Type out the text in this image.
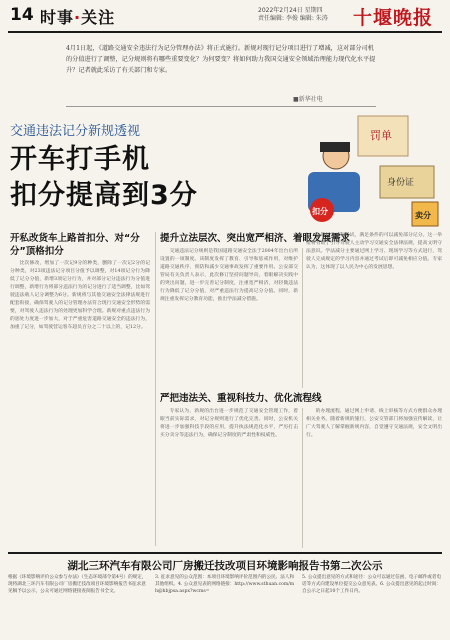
14 时事·关注	2022年2月24日 星期四
责任编辑: 李俊 编辑: 朱涛 十堰晚报
4月1日起，《道路交通安全违法行为记分管理办法》将正式施行。新规对现行记分项目进行了增减，这对部分司机的分值进行了调整，记分规则将有哪些重要变化？为何要变？将如何助力我国交通安全领域治理能力现代化水平提升？记者就此采访了有关部门和专家。
■新华社电
罚单
身份证
扣分	卖分
交通违法记分新规透视
开车打手机
扣分提高到3分
开私改货车上路首扣分、对“分分”顶格扣分

比次修改，增加了一次记9分的种类，删除了一次记2分的记分种类，对23项违法记分项目分值予以调整，对14项记分行为降低了记分分值，新增3项记分行为，并对部分记分违法行为分值进行调整，新增行为将部分违法行为的记分进行了适当调整，比如驾驶违法载人记分调整为6分。新规将与其他交通安全法律法规进行配套衔接，确保驾驶人的记分管理办法符合现行交通安全形势的需要，对驾驶人违法行为的处理更加科学合理。新规对重点违法行为的惩处力度进一步加大，对于严重危害道路交通安全的违法行为，加重了记分，如驾驶营运客车超员百分之二十以上的，记12分。

提升立法层次、突出宽严相济、着眼发展需求

交通违法记分规则是我国道路交通安全法于2004年出台后所设置的一项制度。该制度发挥了教育、引导和惩戒作用，对维护道路交通秩序、预防和减少交通事故发挥了重要作用。公安部交管局有关负责人表示，此次修订坚持问题导向，着眼解决实践中的突出问题，进一步完善记分制度，注重宽严相济，对轻微违法行为降低了记分分值，对严重违法行为提高记分分值。同时，新规注重发挥记分教育功能，推出学法减分措施。

人进行学习和考试，满足条件的可以减免部分记分。这一举措将有助于引导驾驶人主动学习交通安全法律法规，提高文明守法意识。学法减分主要通过网上学习、现场学习等方式进行，驾驶人完成规定的学习内容并通过考试后即可减免相应分值。专家认为，这体现了以人民为中心的发展思想。

严把违法关、重视科技力、优化流程线

专家认为，新规的出台进一步规范了交通安全管理工作，着眼当前实际需求，对记分规则进行了优化完善。同时，公安机关将进一步加强科技手段的应用，提升执法规范化水平，严厉打击买分卖分等违法行为，确保记分制度的严肃性和权威性。

的办理流程，通过网上申请、线上审核等方式方便群众办理相关业务。随着新规的施行，公安交管部门将加强宣传解读，让广大驾驶人了解掌握新规内容，自觉遵守交通法规，安全文明出行。

湖北三环汽车有限公司厂房搬迁技改项目环境影响报告书第二次公示
根据《环境影响评价公众参与办法》（生态环境部令第4号）的规定，现将湖北三环汽车有限公司厂房搬迁技改项目环境影响报告书征求意见稿予以公示，公众可通过网络链接查阅报告书全文。
3. 征求意见的公众范围：本项目环境影响评价范围内的公民、法人和其他组织。4. 公众意见表的网络链接：http://www.sthuan.com/mh@hbjpsa.aspx?wcms=
5. 公众提出意见的方式和途径：公众可以通过信函、电子邮件或者电话等方式向建设单位提交公众意见表。6. 公众提出意见的起止时间：自公示之日起10个工作日内。
